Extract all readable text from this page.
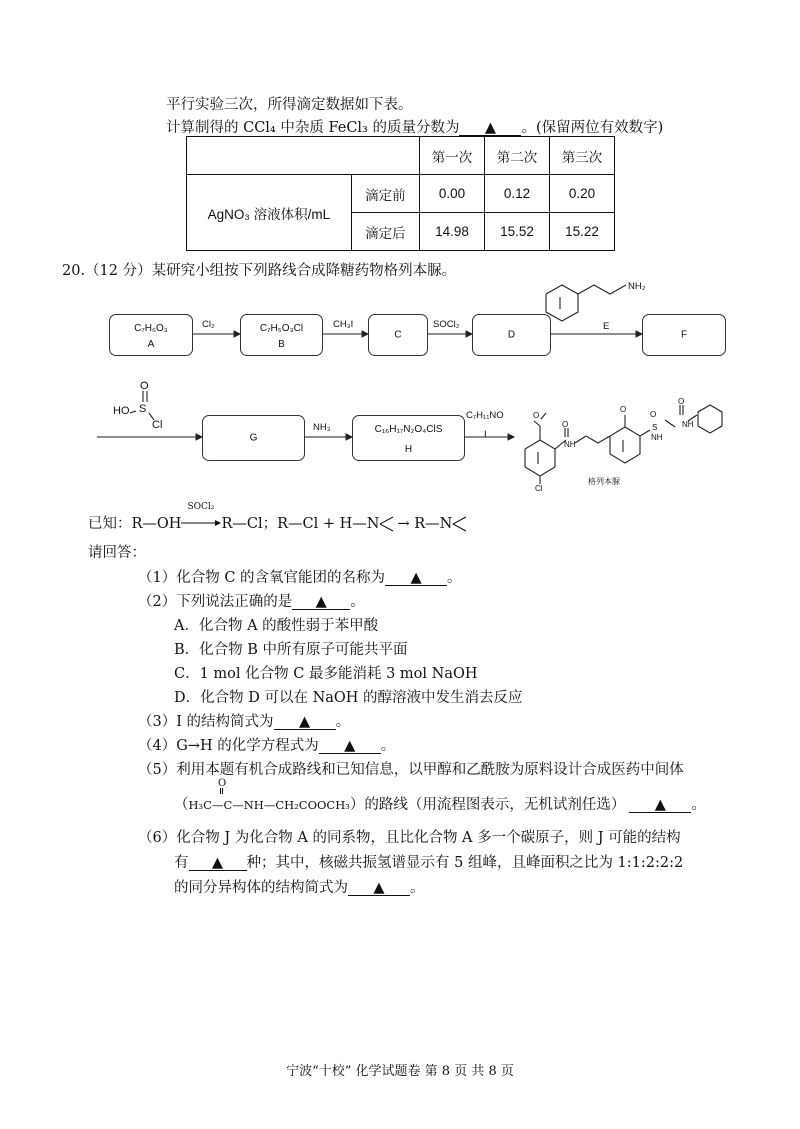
平行实验三次，所得滴定数据如下表。
计算制得的 CCl₄ 中杂质 FeCl₃ 的质量分数为 ▲ 。(保留两位有效数字)
		第一次	第二次	第三次
AgNO₃ 溶液体积/mL	滴定前	0.00	0.12	0.20
	滴定后	14.98	15.52	15.22
20.（12 分）某研究小组按下列路线合成降糖药物格列本脲。
C₇H₆O₃
A
C₇H₅O₃Cl
B
C	D	F
Cl₂	CH₃I	SOCl₂	E
NH₂
O
S
HO
Cl
G
C₁₆H₁₇N₂O₄ClS
H
NH₃
C₇H₁₁NO
I
O
O
Cl
NH
S
O
O
NH
NH
O
格列本脲
已知：R—OH
SOCl₂
R—Cl；R—Cl + H—N → R—N
请回答：
（1）化合物 C 的含氧官能团的名称为 ▲ 。
（2）下列说法正确的是 ▲ 。
A．化合物 A 的酸性弱于苯甲酸
B．化合物 B 中所有原子可能共平面
C．1 mol 化合物 C 最多能消耗 3 mol NaOH
D．化合物 D 可以在 NaOH 的醇溶液中发生消去反应
（3）I 的结构简式为 ▲ 。
（4）G→H 的化学方程式为 ▲ 。
（5）利用本题有机合成路线和已知信息，以甲醇和乙酰胺为原料设计合成医药中间体
（H₃C—C—NH—CH₂COOCH₃）
O
的路线（用流程图表示，无机试剂任选） ▲ 。
（6）化合物 J 为化合物 A 的同系物，且比化合物 A 多一个碳原子，则 J 可能的结构
有 ▲ 种；其中，核磁共振氢谱显示有 5 组峰，且峰面积之比为 1:1:2:2:2
的同分异构体的结构简式为 ▲ 。
宁波“十校” 化学试题卷 第 8 页 共 8 页
